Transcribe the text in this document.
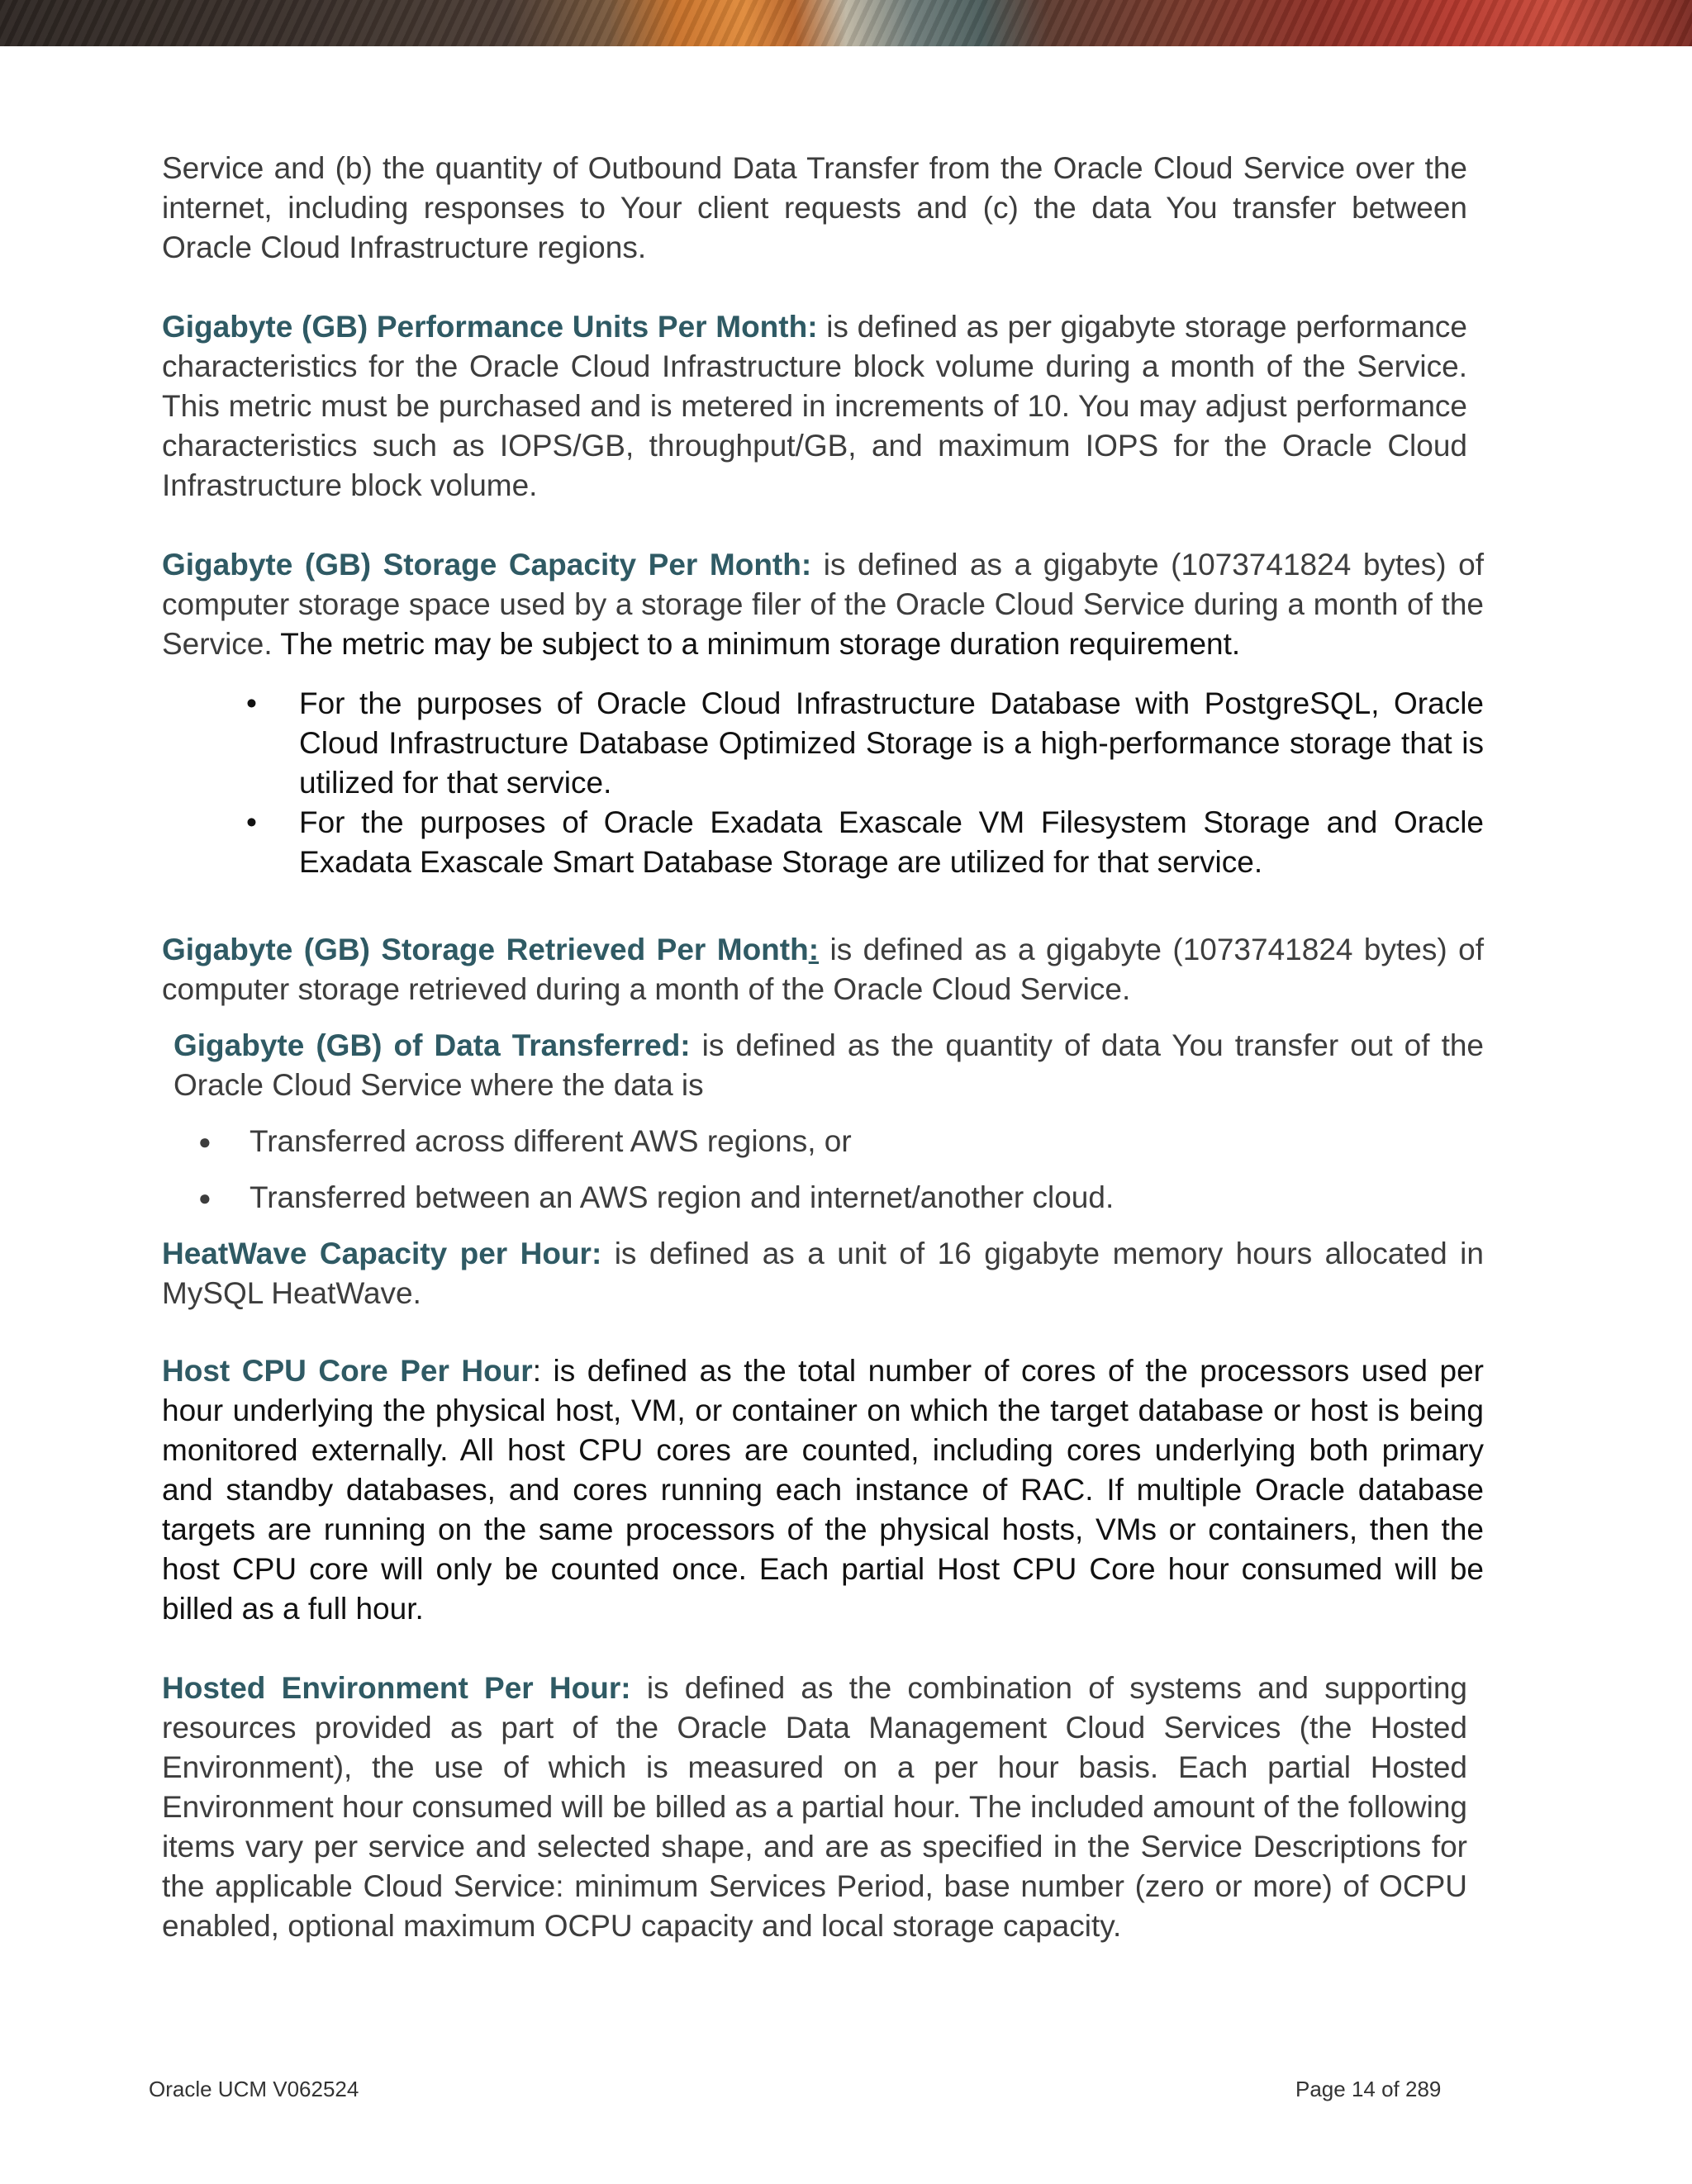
Service and (b) the quantity of Outbound Data Transfer from the Oracle Cloud Service over the internet, including responses to Your client requests and (c) the data You transfer between Oracle Cloud Infrastructure regions.

Gigabyte (GB) Performance Units Per Month: is defined as per gigabyte storage performance characteristics for the Oracle Cloud Infrastructure block volume during a month of the Service. This metric must be purchased and is metered in increments of 10. You may adjust performance characteristics such as IOPS/GB, throughput/GB, and maximum IOPS for the Oracle Cloud Infrastructure block volume.

Gigabyte (GB) Storage Capacity Per Month: is defined as a gigabyte (1073741824 bytes) of computer storage space used by a storage filer of the Oracle Cloud Service during a month of the Service. The metric may be subject to a minimum storage duration requirement.

• For the purposes of Oracle Cloud Infrastructure Database with PostgreSQL, Oracle Cloud Infrastructure Database Optimized Storage is a high-performance storage that is utilized for that service.
• For the purposes of Oracle Exadata Exascale VM Filesystem Storage and Oracle Exadata Exascale Smart Database Storage are utilized for that service.

Gigabyte (GB) Storage Retrieved Per Month: is defined as a gigabyte (1073741824 bytes) of computer storage retrieved during a month of the Oracle Cloud Service.

Gigabyte (GB) of Data Transferred: is defined as the quantity of data You transfer out of the Oracle Cloud Service where the data is

● Transferred across different AWS regions, or
● Transferred between an AWS region and internet/another cloud.

HeatWave Capacity per Hour: is defined as a unit of 16 gigabyte memory hours allocated in MySQL HeatWave.

Host CPU Core Per Hour: is defined as the total number of cores of the processors used per hour underlying the physical host, VM, or container on which the target database or host is being monitored externally. All host CPU cores are counted, including cores underlying both primary and standby databases, and cores running each instance of RAC. If multiple Oracle database targets are running on the same processors of the physical hosts, VMs or containers, then the host CPU core will only be counted once. Each partial Host CPU Core hour consumed will be billed as a full hour.

Hosted Environment Per Hour: is defined as the combination of systems and supporting resources provided as part of the Oracle Data Management Cloud Services (the Hosted Environment), the use of which is measured on a per hour basis. Each partial Hosted Environment hour consumed will be billed as a partial hour. The included amount of the following items vary per service and selected shape, and are as specified in the Service Descriptions for the applicable Cloud Service: minimum Services Period, base number (zero or more) of OCPU enabled, optional maximum OCPU capacity and local storage capacity.

Oracle UCM V062524	Page 14 of 289
